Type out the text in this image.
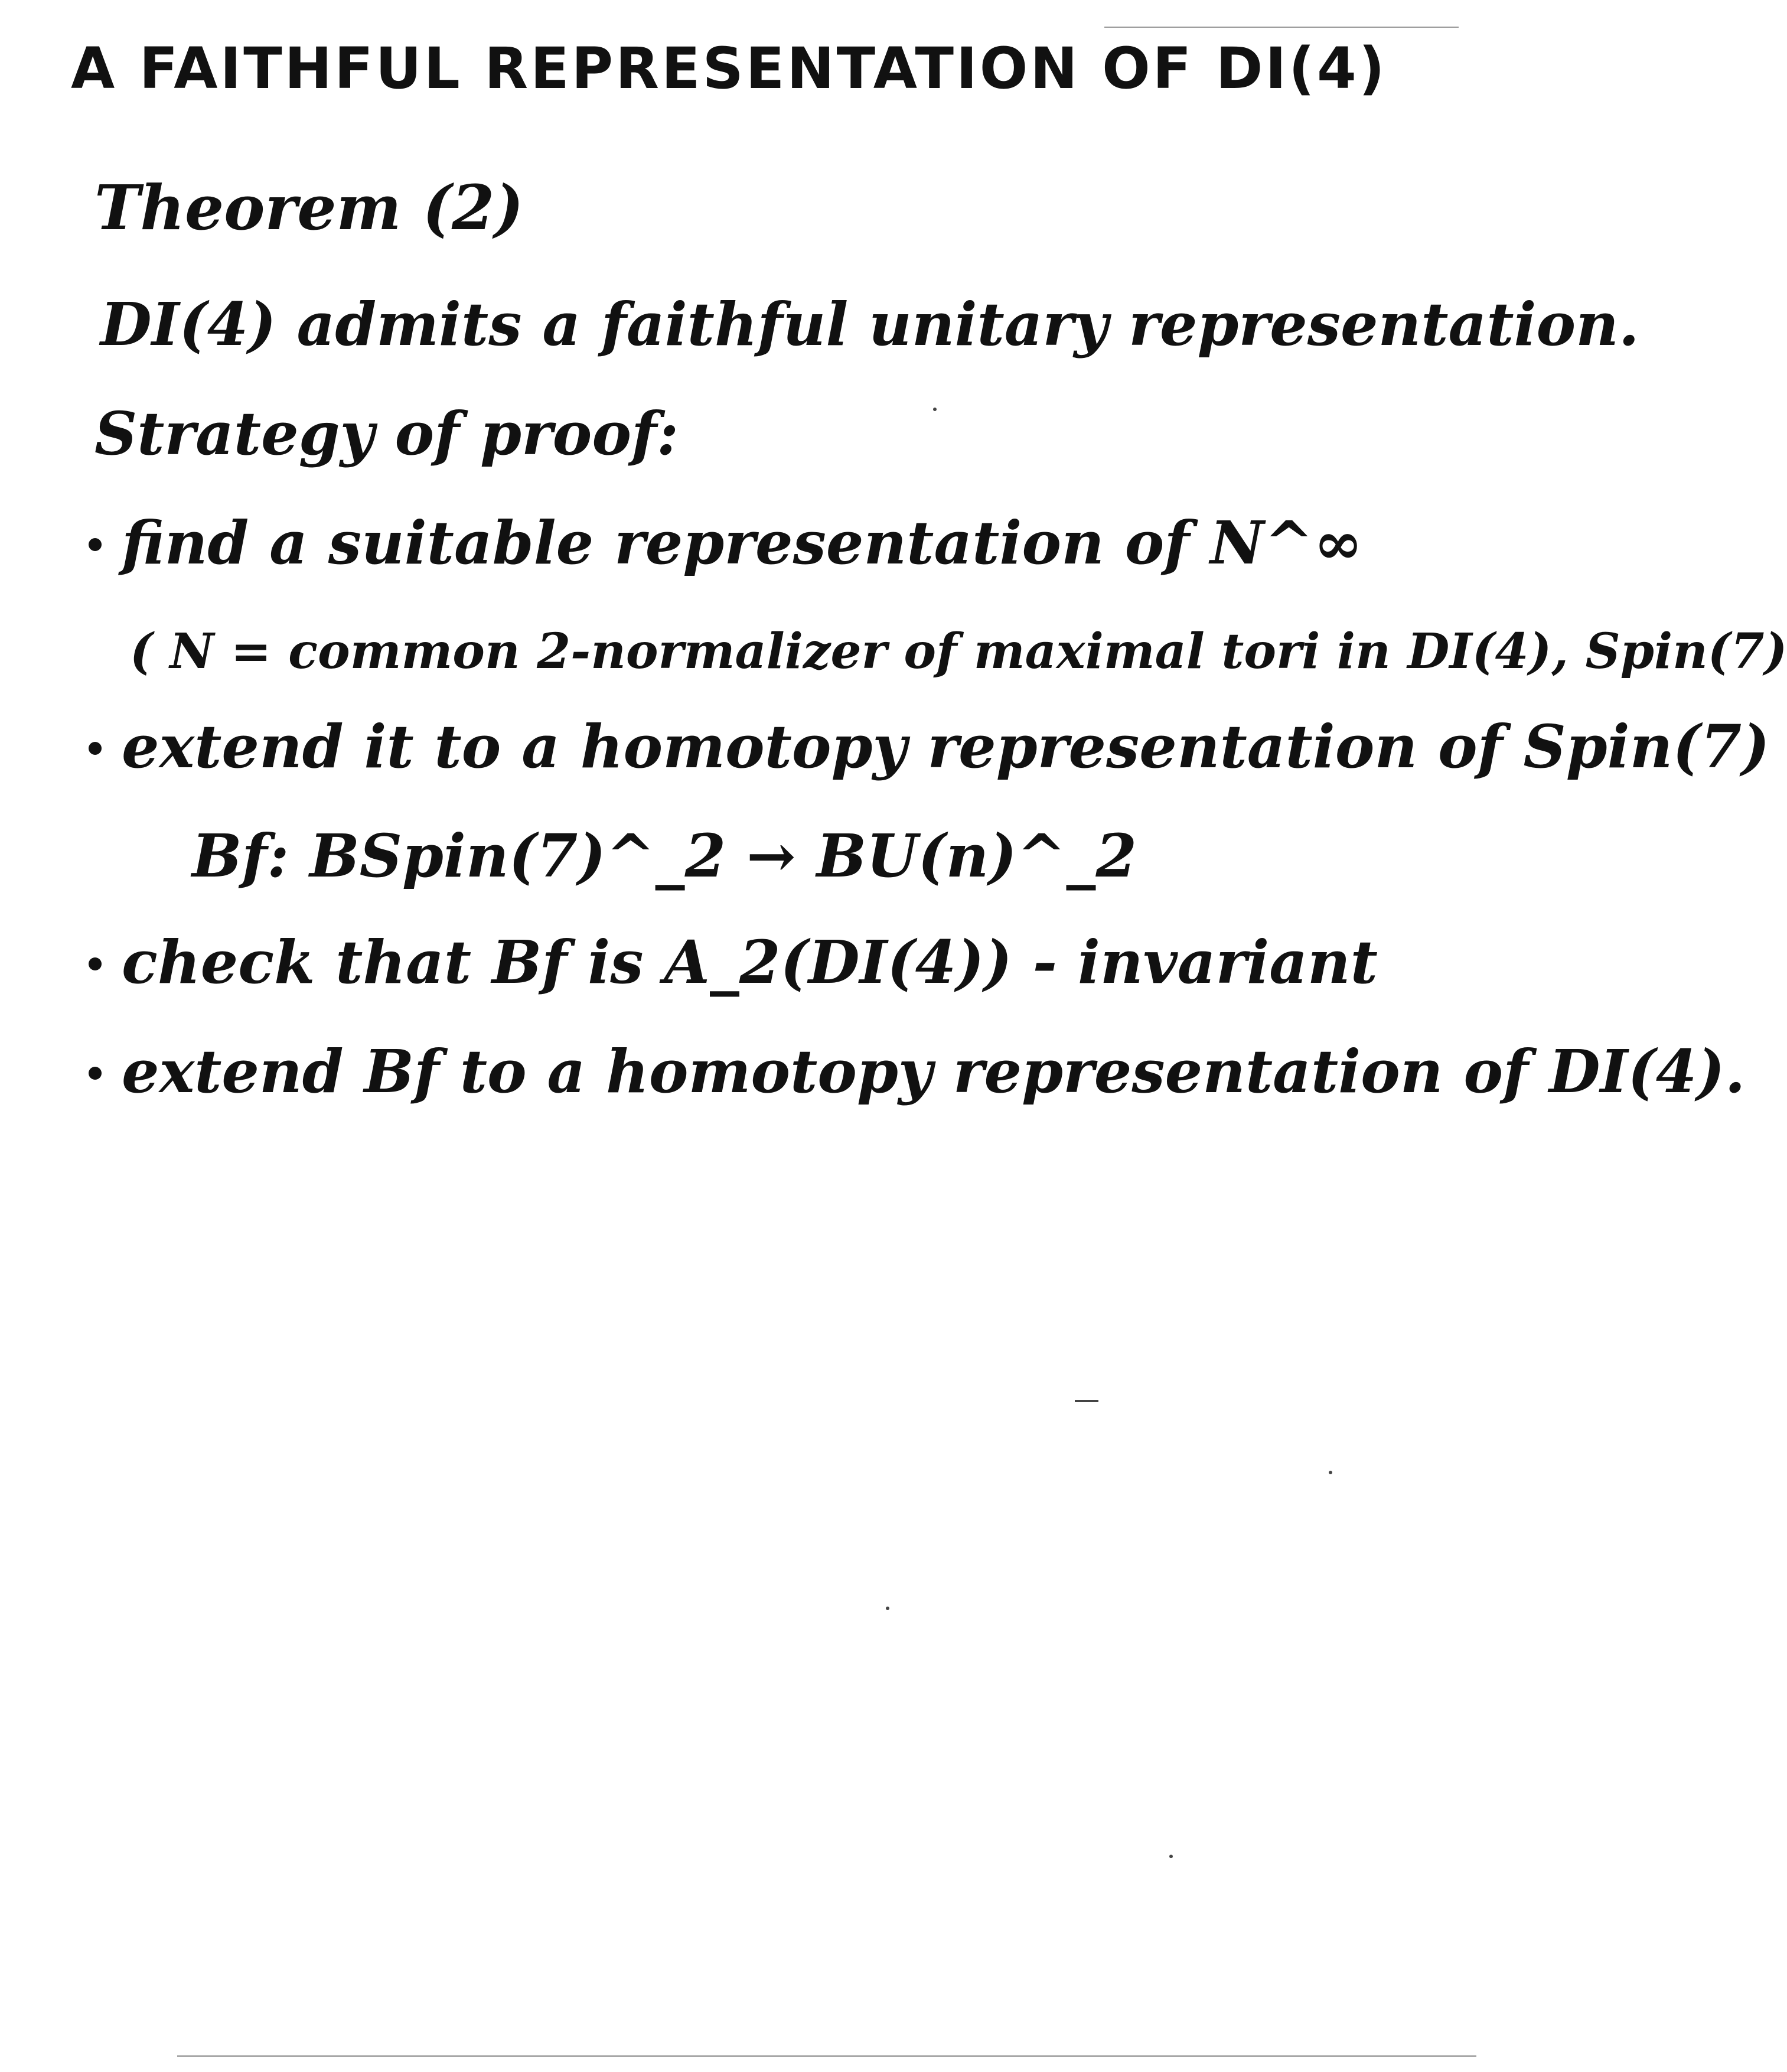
A FAITHFUL REPRESENTATION OF DI(4)
Theorem (2)
DI(4) admits a faithful unitary representation.
Strategy of proof:
find a suitable representation of N^∞
( N = common 2-normalizer of maximal tori in DI(4), Spin(7)
extend it to a homotopy representation of Spin(7)
Bf: BSpin(7)^_2 → BU(n)^_2
check that Bf is A_2(DI(4)) - invariant
extend Bf to a homotopy representation of DI(4).
